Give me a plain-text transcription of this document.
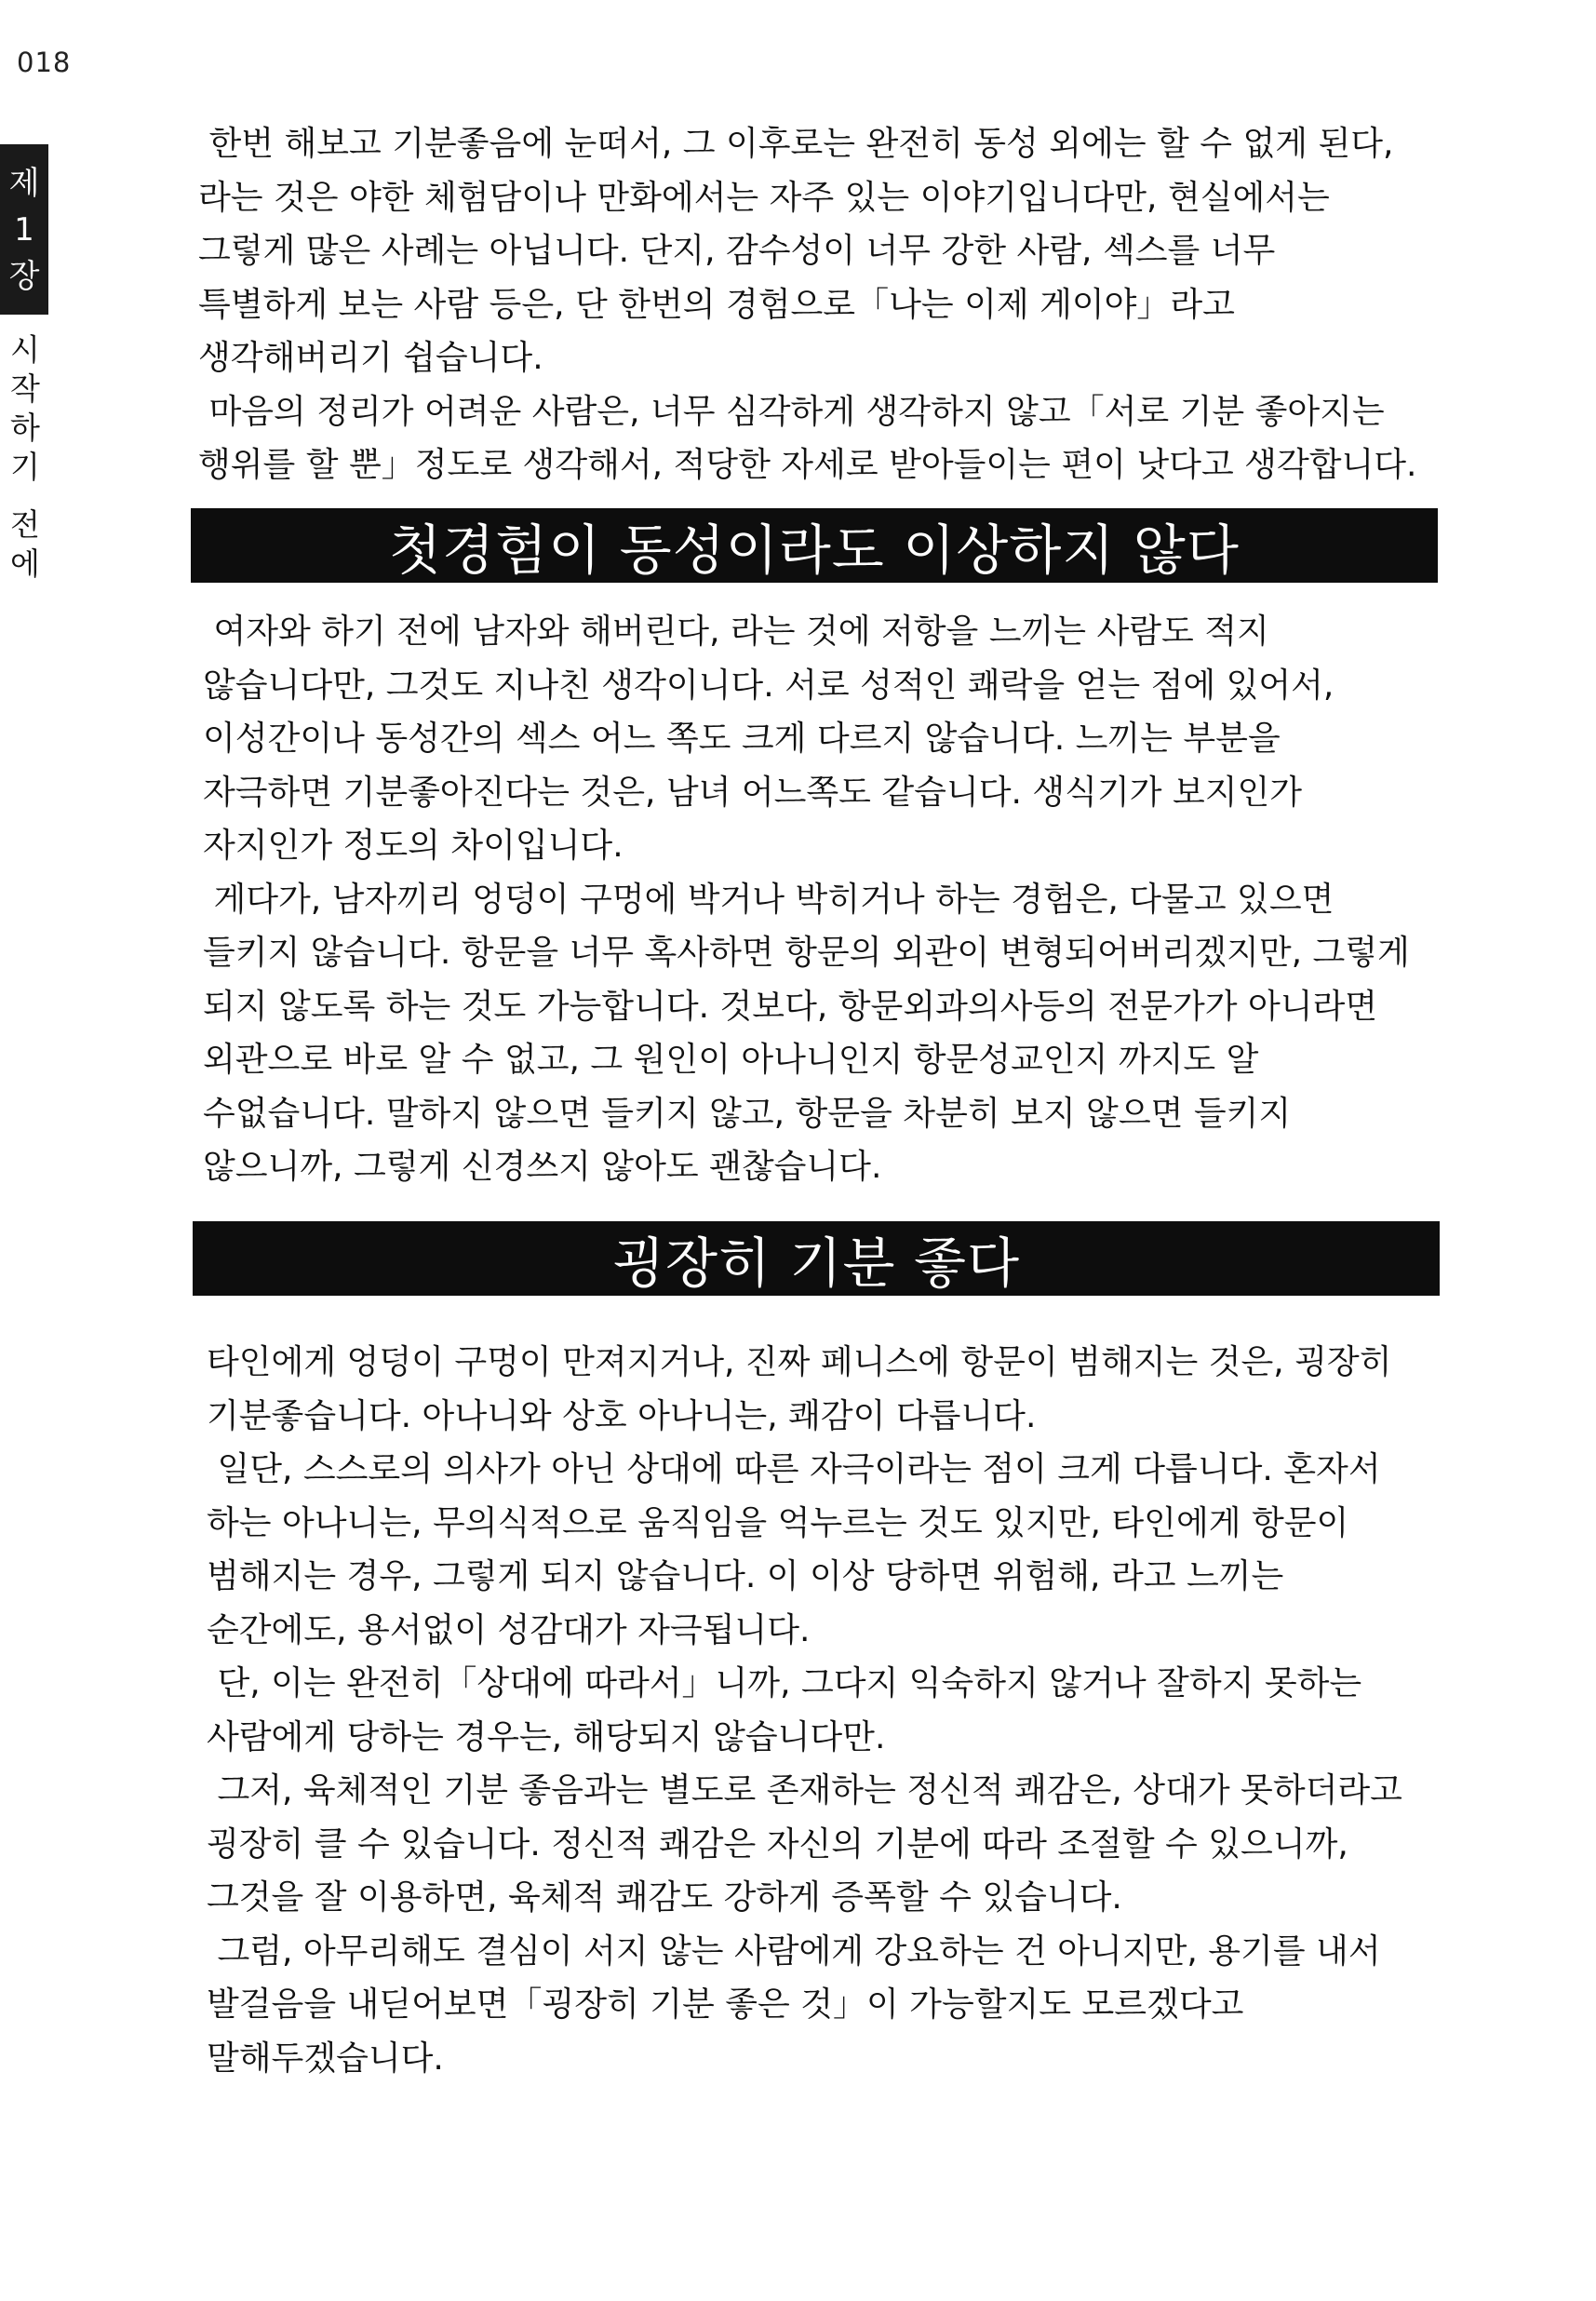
018
제
1
장
시
작
하
기
전
에

한번 해보고 기분좋음에 눈떠서, 그 이후로는 완전히 동성 외에는 할 수 없게 된다,

라는 것은 야한 체험담이나 만화에서는 자주 있는 이야기입니다만, 현실에서는

그렇게 많은 사례는 아닙니다. 단지, 감수성이 너무 강한 사람, 섹스를 너무

특별하게 보는 사람 등은, 단 한번의 경험으로「나는 이제 게이야」라고

생각해버리기 쉽습니다.

마음의 정리가 어려운 사람은, 너무 심각하게 생각하지 않고「서로 기분 좋아지는

행위를 할 뿐」정도로 생각해서, 적당한 자세로 받아들이는 편이 낫다고 생각합니다.

첫경험이 동성이라도 이상하지 않다

여자와 하기 전에 남자와 해버린다, 라는 것에 저항을 느끼는 사람도 적지

않습니다만, 그것도 지나친 생각이니다. 서로 성적인 쾌락을 얻는 점에 있어서,

이성간이나 동성간의 섹스 어느 쪽도 크게 다르지 않습니다. 느끼는 부분을

자극하면 기분좋아진다는 것은, 남녀 어느쪽도 같습니다. 생식기가 보지인가

자지인가 정도의 차이입니다.

게다가, 남자끼리 엉덩이 구멍에 박거나 박히거나 하는 경험은, 다물고 있으면

들키지 않습니다. 항문을 너무 혹사하면 항문의 외관이 변형되어버리겠지만, 그렇게

되지 않도록 하는 것도 가능합니다. 것보다, 항문외과의사등의 전문가가 아니라면

외관으로 바로 알 수 없고, 그 원인이 아나니인지 항문성교인지 까지도 알

수없습니다. 말하지 않으면 들키지 않고, 항문을 차분히 보지 않으면 들키지

않으니까, 그렇게 신경쓰지 않아도 괜찮습니다.

굉장히 기분 좋다

타인에게 엉덩이 구멍이 만져지거나, 진짜 페니스에 항문이 범해지는 것은, 굉장히

기분좋습니다. 아나니와 상호 아나니는, 쾌감이 다릅니다.

일단, 스스로의 의사가 아닌 상대에 따른 자극이라는 점이 크게 다릅니다. 혼자서

하는 아나니는, 무의식적으로 움직임을 억누르는 것도 있지만, 타인에게 항문이

범해지는 경우, 그렇게 되지 않습니다. 이 이상 당하면 위험해, 라고 느끼는

순간에도, 용서없이 성감대가 자극됩니다.

단, 이는 완전히「상대에 따라서」니까, 그다지 익숙하지 않거나 잘하지 못하는

사람에게 당하는 경우는, 해당되지 않습니다만.

그저, 육체적인 기분 좋음과는 별도로 존재하는 정신적 쾌감은, 상대가 못하더라고

굉장히 클 수 있습니다. 정신적 쾌감은 자신의 기분에 따라 조절할 수 있으니까,

그것을 잘 이용하면, 육체적 쾌감도 강하게 증폭할 수 있습니다.

그럼, 아무리해도 결심이 서지 않는 사람에게 강요하는 건 아니지만, 용기를 내서

발걸음을 내딛어보면「굉장히 기분 좋은 것」이 가능할지도 모르겠다고

말해두겠습니다.
